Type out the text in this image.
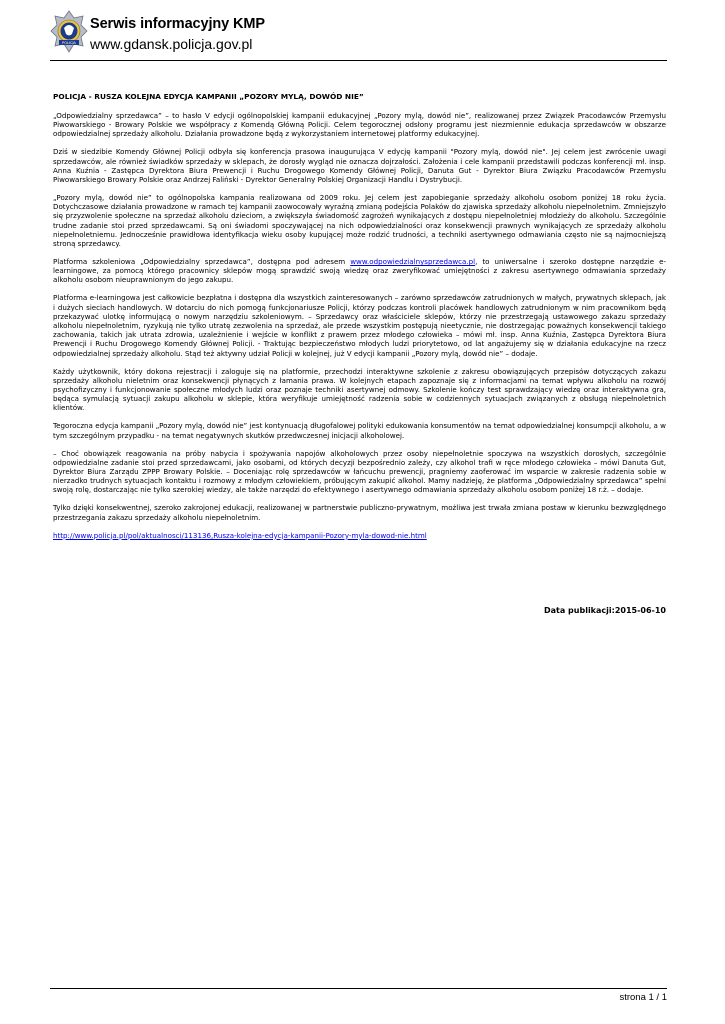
POLICJA
Serwis informacyjny KMP
www.gdansk.policja.gov.pl
POLICJA - RUSZA KOLEJNA EDYCJA KAMPANII „POZORY MYLĄ, DOWÓD NIE”

„Odpowiedzialny sprzedawca” – to hasło V edycji ogólnopolskiej kampanii edukacyjnej „Pozory mylą, dowód nie”, realizowanej przez Związek Pracodawców Przemysłu Piwowarskiego - Browary Polskie we współpracy z Komendą Główną Policji. Celem tegorocznej odsłony programu jest niezmiennie edukacja sprzedawców w obszarze odpowiedzialnej sprzedaży alkoholu. Działania prowadzone będą z wykorzystaniem internetowej platformy edukacyjnej.

Dziś w siedzibie Komendy Głównej Policji odbyła się konferencja prasowa inaugurująca V edycję kampanii "Pozory mylą, dowód nie". Jej celem jest zwrócenie uwagi sprzedawców, ale również świadków sprzedaży w sklepach, że dorosły wygląd nie oznacza dojrzałości. Założenia i cele kampanii przedstawili podczas konferencji mł. insp. Anna Kuźnia - Zastępca Dyrektora Biura Prewencji i Ruchu Drogowego Komendy Głównej Policji, Danuta Gut - Dyrektor Biura Związku Pracodawców Przemysłu Piwowarskiego Browary Polskie oraz Andrzej Faliński - Dyrektor Generalny Polskiej Organizacji Handlu i Dystrybucji.

„Pozory mylą, dowód nie” to ogólnopolska kampania realizowana od 2009 roku. Jej celem jest zapobieganie sprzedaży alkoholu osobom poniżej 18 roku życia. Dotychczasowe działania prowadzone w ramach tej kampanii zaowocowały wyraźną zmianą podejścia Polaków do zjawiska sprzedaży alkoholu niepełnoletnim. Zmniejszyło się przyzwolenie społeczne na sprzedaż alkoholu dzieciom, a zwiększyła świadomość zagrożeń wynikających z dostępu niepełnoletniej młodzieży do alkoholu. Szczególnie trudne zadanie stoi przed sprzedawcami. Są oni świadomi spoczywającej na nich odpowiedzialności oraz konsekwencji prawnych wynikających ze sprzedaży alkoholu niepełnoletniemu. Jednocześnie prawidłowa identyfikacja wieku osoby kupującej może rodzić trudności, a techniki asertywnego odmawiania często nie są najmocniejszą stroną sprzedawcy.

Platforma szkoleniowa „Odpowiedzialny sprzedawca”, dostępna pod adresem www.odpowiedzialnysprzedawca.pl, to uniwersalne i szeroko dostępne narzędzie e-learningowe, za pomocą którego pracownicy sklepów mogą sprawdzić swoją wiedzę oraz zweryfikować umiejętności z zakresu asertywnego odmawiania sprzedaży alkoholu osobom nieuprawnionym do jego zakupu.

Platforma e-learningowa jest całkowicie bezpłatna i dostępna dla wszystkich zainteresowanych – zarówno sprzedawców zatrudnionych w małych, prywatnych sklepach, jak i dużych sieciach handlowych. W dotarciu do nich pomogą funkcjonariusze Policji, którzy podczas kontroli placówek handlowych zatrudnionym w nim pracownikom będą przekazywać ulotkę informującą o nowym narzędziu szkoleniowym. – Sprzedawcy oraz właściciele sklepów, którzy nie przestrzegają ustawowego zakazu sprzedaży alkoholu niepełnoletnim, ryzykują nie tylko utratę zezwolenia na sprzedaż, ale przede wszystkim postępują nieetycznie, nie dostrzegając poważnych konsekwencji takiego zachowania, takich jak utrata zdrowia, uzależnienie i wejście w konflikt z prawem przez młodego człowieka – mówi mł. insp. Anna Kuźnia, Zastępca Dyrektora Biura Prewencji i Ruchu Drogowego Komendy Głównej Policji. - Traktując bezpieczeństwo młodych ludzi priorytetowo, od lat angażujemy się w działania edukacyjne na rzecz odpowiedzialnej sprzedaży alkoholu. Stąd też aktywny udział Policji w kolejnej, już V edycji kampanii „Pozory mylą, dowód nie” – dodaje.

Każdy użytkownik, który dokona rejestracji i zaloguje się na platformie, przechodzi interaktywne szkolenie z zakresu obowiązujących przepisów dotyczących zakazu sprzedaży alkoholu nieletnim oraz konsekwencji płynących z łamania prawa. W kolejnych etapach zapoznaje się z informacjami na temat wpływu alkoholu na rozwój psychofizyczny i funkcjonowanie społeczne młodych ludzi oraz poznaje techniki asertywnej odmowy. Szkolenie kończy test sprawdzający wiedzę oraz interaktywna gra, będąca symulacją sytuacji zakupu alkoholu w sklepie, która weryfikuje umiejętność radzenia sobie w codziennych sytuacjach związanych z obsługą niepełnoletnich klientów.

Tegoroczna edycja kampanii „Pozory mylą, dowód nie” jest kontynuacją długofalowej polityki edukowania konsumentów na temat odpowiedzialnej konsumpcji alkoholu, a w tym szczególnym przypadku - na temat negatywnych skutków przedwczesnej inicjacji alkoholowej.

– Choć obowiązek reagowania na próby nabycia i spożywania napojów alkoholowych przez osoby niepełnoletnie spoczywa na wszystkich dorosłych, szczególnie odpowiedzialne zadanie stoi przed sprzedawcami, jako osobami, od których decyzji bezpośrednio zależy, czy alkohol trafi w ręce młodego człowieka – mówi Danuta Gut, Dyrektor Biura Zarządu ZPPP Browary Polskie. – Doceniając rolę sprzedawców w łańcuchu prewencji, pragniemy zaoferować im wsparcie w zakresie radzenia sobie w nierzadko trudnych sytuacjach kontaktu i rozmowy z młodym człowiekiem, próbującym zakupić alkohol. Mamy nadzieję, że platforma „Odpowiedzialny sprzedawca” spełni swoją rolę, dostarczając nie tylko szerokiej wiedzy, ale także narzędzi do efektywnego i asertywnego odmawiania sprzedaży alkoholu osobom poniżej 18 r.ż. – dodaje.

Tylko dzięki konsekwentnej, szeroko zakrojonej edukacji, realizowanej w partnerstwie publiczno-prywatnym, możliwa jest trwała zmiana postaw w kierunku bezwzględnego przestrzegania zakazu sprzedaży alkoholu niepełnoletnim.

http://www.policja.pl/pol/aktualnosci/113136,Rusza-kolejna-edycja-kampanii-Pozory-myla-dowod-nie.html

Data publikacji:2015-06-10
strona 1 / 1
